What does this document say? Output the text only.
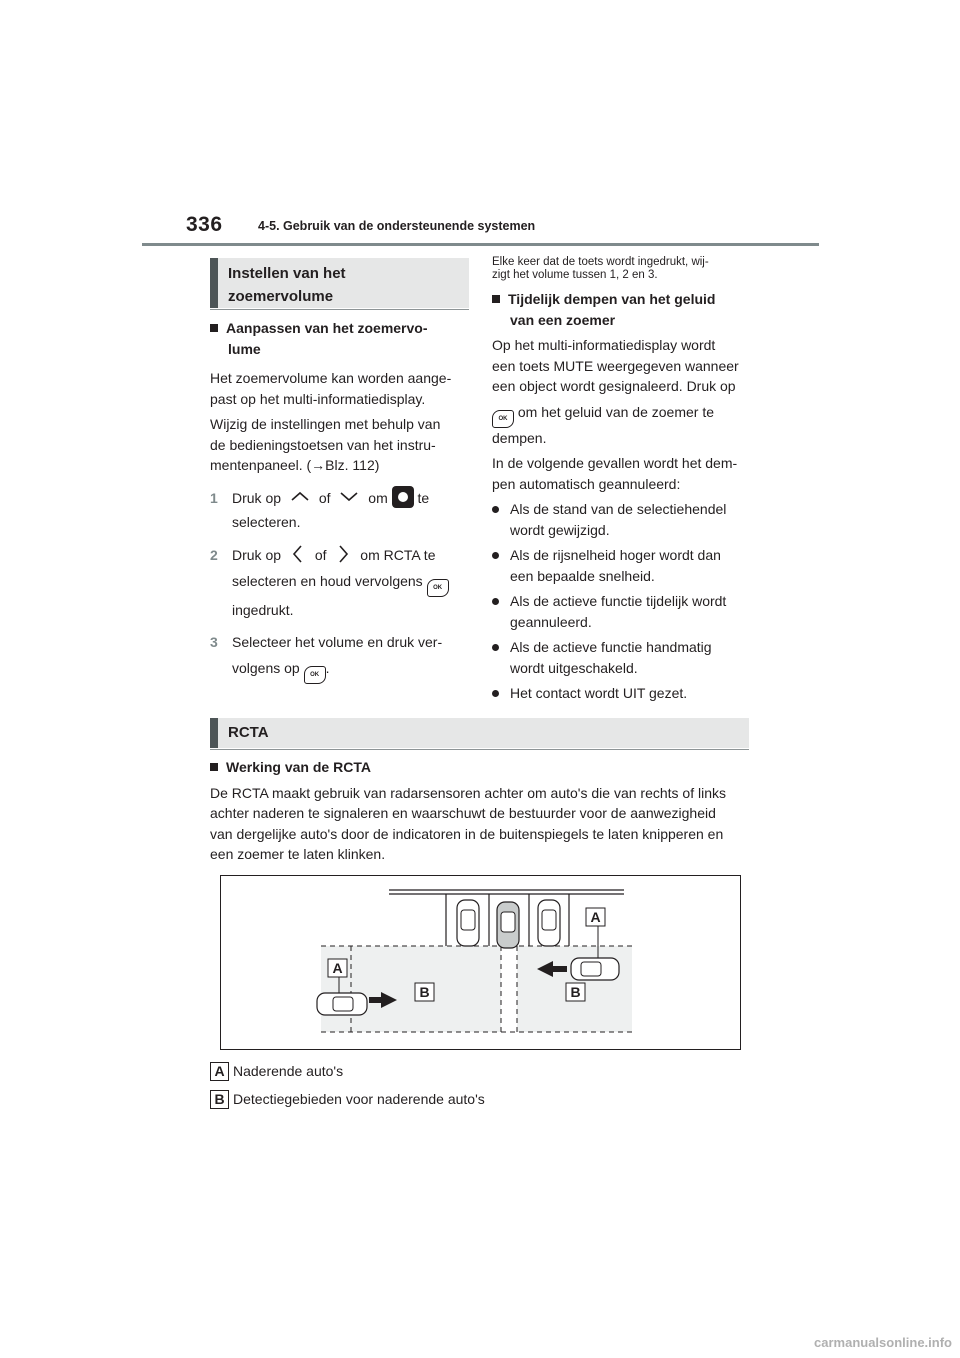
336	4-5. Gebruik van de ondersteunende systemen
Instellen van het
zoemervolume
Aanpassen van het zoemervo-
lume
Het zoemervolume kan worden aange-
past op het multi-informatiedisplay.
Wijzig de instellingen met behulp van
de bedieningstoetsen van het instru-
mentenpaneel. (→Blz. 112)
1 Druk op	of	om te
selecteren.
2 Druk op of om RCTA te
selecteren en houd vervolgens OK
ingedrukt.
3 Selecteer het volume en druk ver-
volgens op OK .
Elke keer dat de toets wordt ingedrukt, wij-
zigt het volume tussen 1, 2 en 3.
Tijdelijk dempen van het geluid
van een zoemer
Op het multi-informatiedisplay wordt
een toets MUTE weergegeven wanneer
een object wordt gesignaleerd. Druk op
OK om het geluid van de zoemer te
dempen.
In de volgende gevallen wordt het dem-
pen automatisch geannuleerd:
Als de stand van de selectiehendel
wordt gewijzigd.
Als de rijsnelheid hoger wordt dan
een bepaalde snelheid.
Als de actieve functie tijdelijk wordt
geannuleerd.
Als de actieve functie handmatig
wordt uitgeschakeld.
Het contact wordt UIT gezet.
RCTA
Werking van de RCTA
De RCTA maakt gebruik van radarsensoren achter om auto's die van rechts of links
achter naderen te signaleren en waarschuwt de bestuurder voor de aanwezigheid
van dergelijke auto's door de indicatoren in de buitenspiegels te laten knipperen en
een zoemer te laten klinken.
A
A
B	B
A Naderende auto's
B Detectiegebieden voor naderende auto's
carmanualsonline.info
